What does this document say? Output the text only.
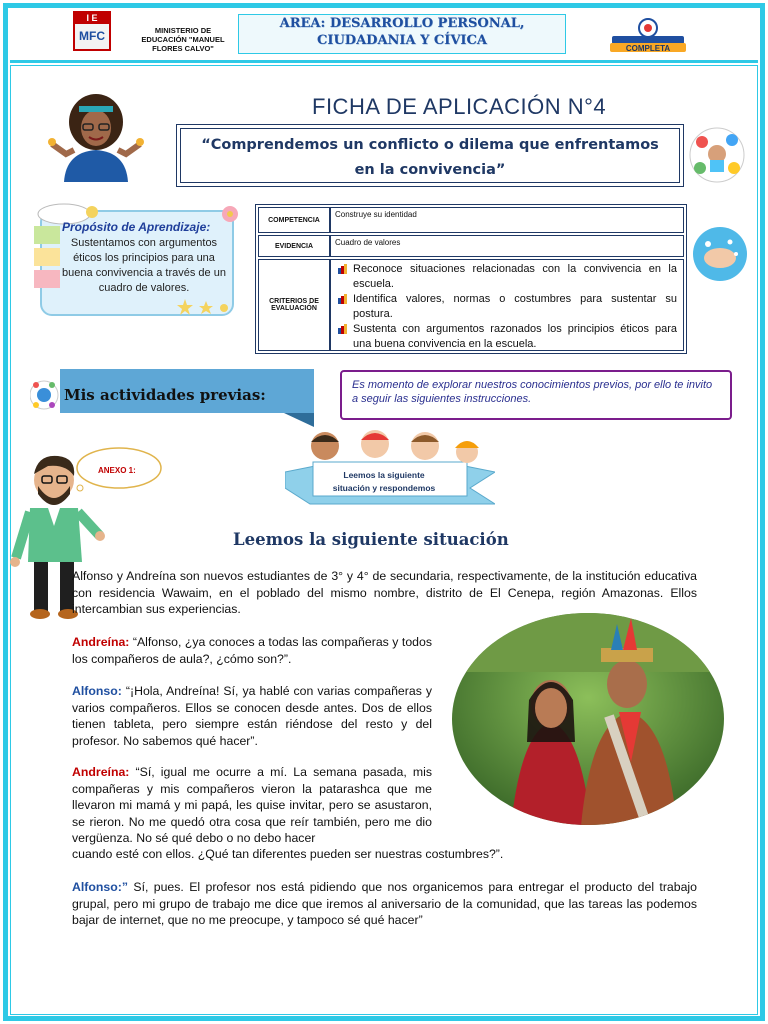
I E
MFC	MINISTERIO DE
EDUCACIÓN "MANUEL
FLORES CALVO"
AREA: DESARROLLO PERSONAL,
CIUDADANIA Y CÍVICA
COMPLETA
FICHA DE APLICACIÓN N°4
“Comprendemos un conflicto o dilema que enfrentamos
en la convivencia”
Propósito de Aprendizaje:
Sustentamos con argumentos éticos los principios para una buena convivencia a través de un cuadro de valores.
COMPETENCIA
Construye su identidad
EVIDENCIA	Cuadro de valores
CRITERIOS DE EVALUACIÓN
Reconoce situaciones relacionadas con la convivencia en la escuela.
Identifica valores, normas o costumbres para sustentar su postura.
Sustenta con argumentos razonados los principios éticos para una buena convivencia en la escuela.
Mis actividades previas:
Es momento de explorar nuestros conocimientos previos, por ello te invito a seguir las siguientes instrucciones.
Leemos la siguiente
situación y respondemos
ANEXO 1:
Leemos la siguiente situación
Alfonso y Andreína son nuevos estudiantes de 3° y 4° de secundaria, respectivamente, de la institución educativa con residencia Wawaim, en el poblado del mismo nombre, distrito de El Cenepa, región Amazonas. Ellos intercambian sus experiencias.
Andreína: “Alfonso, ¿ya conoces a todas las compañeras y todos los compañeros de aula?, ¿cómo son?”.
Alfonso: “¡Hola, Andreína! Sí, ya hablé con varias compañeras y varios compañeros. Ellos se conocen desde antes. Dos de ellos tienen tableta, pero siempre están riéndose del resto y del profesor. No sabemos qué hacer”.
Andreína: “Sí, igual me ocurre a mí. La semana pasada, mis compañeras y mis compañeros vieron la patarashca que me llevaron mi mamá y mi papá, les quise invitar, pero se asustaron, se rieron. No me quedó otra cosa que reír también, pero me dio vergüenza. No sé qué debo o no debo hacer
cuando esté con ellos. ¿Qué tan diferentes pueden ser nuestras costumbres?”.
Alfonso:” Sí, pues. El profesor nos está pidiendo que nos organicemos para entregar el producto del trabajo grupal, pero mi grupo de trabajo me dice que iremos al aniversario de la comunidad, que las tareas las podemos bajar de internet, que no me preocupe, y tampoco sé qué hacer”
